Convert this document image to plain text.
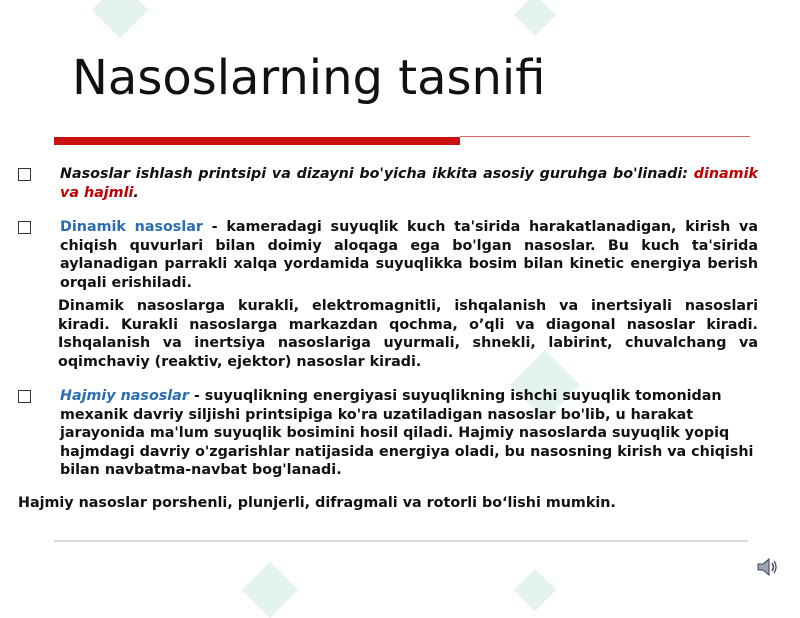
Nasoslarning tasnifi
Nasoslar ishlash printsipi va dizayni bo'yicha ikkita asosiy guruhga bo'linadi: dinamik va hajmli.
Dinamik nasoslar - kameradagi suyuqlik kuch ta'sirida harakatlanadigan, kirish va chiqish quvurlari bilan doimiy aloqaga ega bo'lgan nasoslar. Bu kuch ta'sirida aylanadigan parrakli xalqa yordamida suyuqlikka bosim bilan kinetic energiya berish orqali erishiladi.
Dinamik nasoslarga kurakli, elektromagnitli, ishqalanish va inertsiyali nasoslari kiradi. Kurakli nasoslarga markazdan qochma, o’qli va diagonal nasoslar kiradi. Ishqalanish va inertsiya nasoslariga uyurmali, shnekli, labirint, chuvalchang va oqimchaviy (reaktiv, ejektor) nasoslar kiradi.
Hajmiy nasoslar - suyuqlikning energiyasi suyuqlikning ishchi suyuqlik tomonidan mexanik davriy siljishi printsipiga ko'ra uzatiladigan nasoslar bo'lib, u harakat jarayonida ma'lum suyuqlik bosimini hosil qiladi. Hajmiy nasoslarda suyuqlik yopiq hajmdagi davriy o'zgarishlar natijasida energiya oladi, bu nasosning kirish va chiqishi bilan navbatma-navbat bog'lanadi.
Hajmiy nasoslar porshenli, plunjerli, difragmali va rotorli bo‘lishi mumkin.
